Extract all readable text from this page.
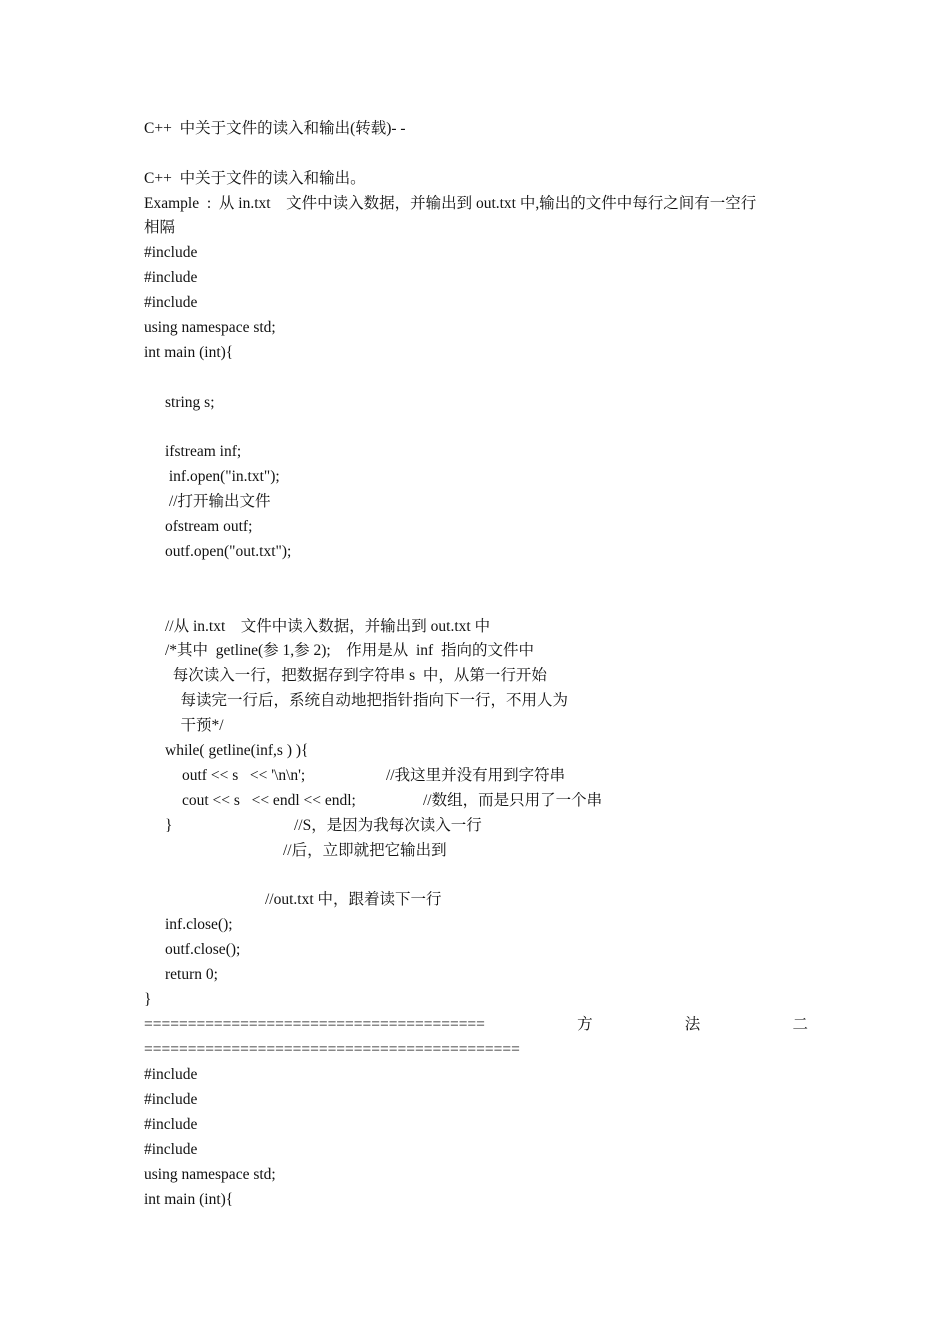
C++  中关于文件的读入和输出(转载)- -
C++  中关于文件的读入和输出。
Example  :  从 in.txt    文件中读入数据，并输出到 out.txt 中,输出的文件中每行之间有一空行
相隔
#include
#include
#include
using namespace std;
int main (int){
string s;
ifstream inf;
inf.open("in.txt");
//打开输出文件
ofstream outf;
outf.open("out.txt");
//从 in.txt    文件中读入数据，并输出到 out.txt 中
/*其中  getline(参 1,参 2);    作用是从  inf  指向的文件中
每次读入一行，把数据存到字符串 s  中，从第一行开始
每读完一行后，系统自动地把指针指向下一行，不用人为
干预*/
while( getline(inf,s ) ){
outf << s   << '\n\n';	//我这里并没有用到字符串
cout << s   << endl << endl;	//数组，而是只用了一个串
}	//S，是因为我每次读入一行
//后，立即就把它输出到
//out.txt 中，跟着读下一行
inf.close();
outf.close();
return 0;
}
=======================================	方	法	二
===========================================
#include
#include
#include
#include
using namespace std;
int main (int){
